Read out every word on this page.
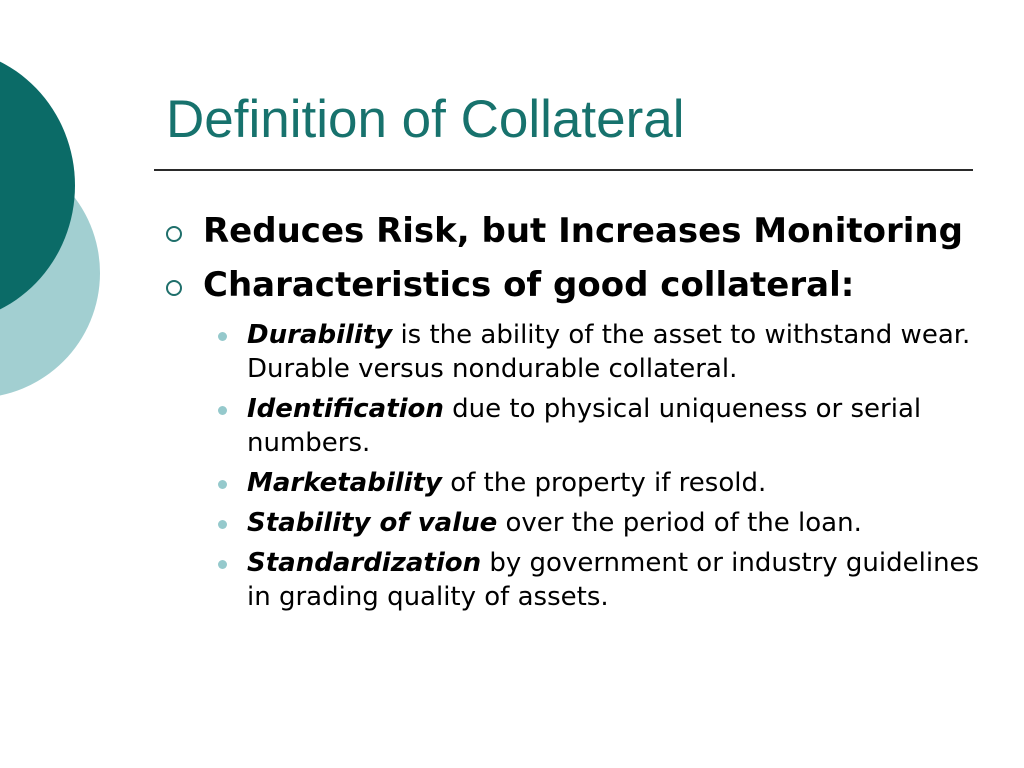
Definition of Collateral
Reduces Risk, but Increases Monitoring
Characteristics of good collateral:
Durability is the ability of the asset to withstand wear. Durable versus nondurable collateral.
Identification due to physical uniqueness or serial numbers.
Marketability of the property if resold.
Stability of value over the period of the loan.
Standardization by government or industry guidelines in grading quality of assets.
